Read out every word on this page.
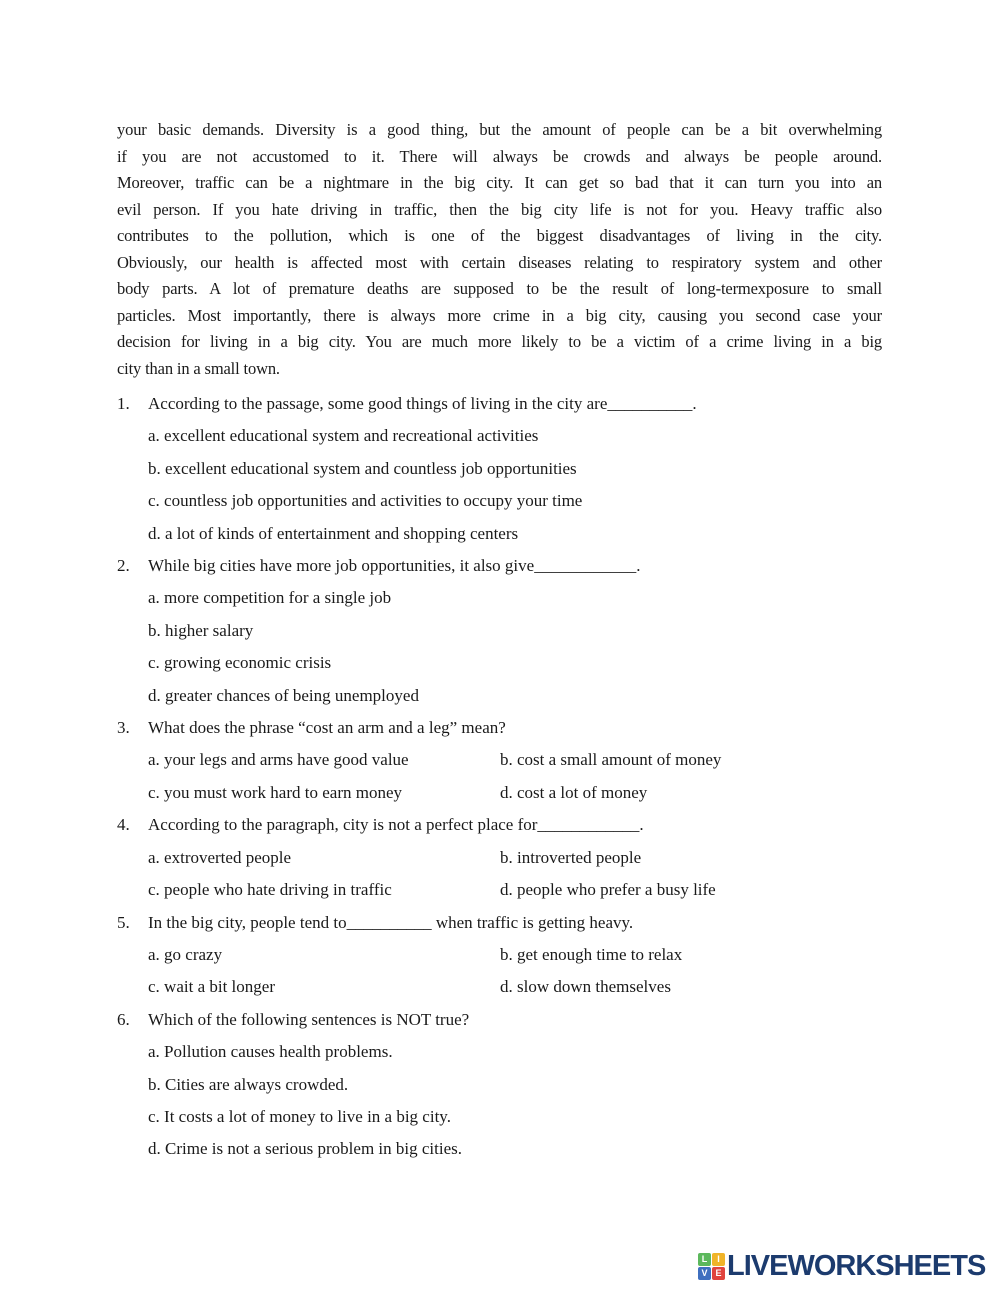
your basic demands. Diversity is a good thing, but the amount of people can be a bit overwhelming
if you are not accustomed to it. There will always be crowds and always be people around.
Moreover, traffic can be a nightmare in the big city. It can get so bad that it can turn you into an
evil person. If you hate driving in traffic, then the big city life is not for you. Heavy traffic also
contributes to the pollution, which is one of the biggest disadvantages of living in the city.
Obviously, our health is affected most with certain diseases relating to respiratory system and other
body parts. A lot of premature deaths are supposed to be the result of long-termexposure to small
particles. Most importantly, there is always more crime in a big city, causing you second case your
decision for living in a big city. You are much more likely to be a victim of a crime living in a big
city than in a small town.
1.	According to the passage, some good things of living in the city are__________.
a. excellent educational system and recreational activities
b. excellent educational system and countless job opportunities
c. countless job opportunities and activities to occupy your time
d. a lot of kinds of entertainment and shopping centers
2.	While big cities have more job opportunities, it also give____________.
a. more competition for a single job
b. higher salary
c. growing economic crisis
d. greater chances of being unemployed
3.	What does the phrase “cost an arm and a leg” mean?
a. your legs and arms have good value	b. cost a small amount of money
c. you must work hard to earn money	d. cost a lot of money
4.	According to the paragraph, city is not a perfect place for____________.
a. extroverted people	b. introverted people
c. people who hate driving in traffic	d. people who prefer a busy life
5.	In the big city, people tend to__________ when traffic is getting heavy.
a. go crazy	b. get enough time to relax
c. wait a bit longer	d. slow down themselves
6.	Which of the following sentences is NOT true?
a. Pollution causes health problems.
b. Cities are always crowded.
c. It costs a lot of money to live in a big city.
d. Crime is not a serious problem in big cities.
L	I
V E LIVEWORKSHEETS
